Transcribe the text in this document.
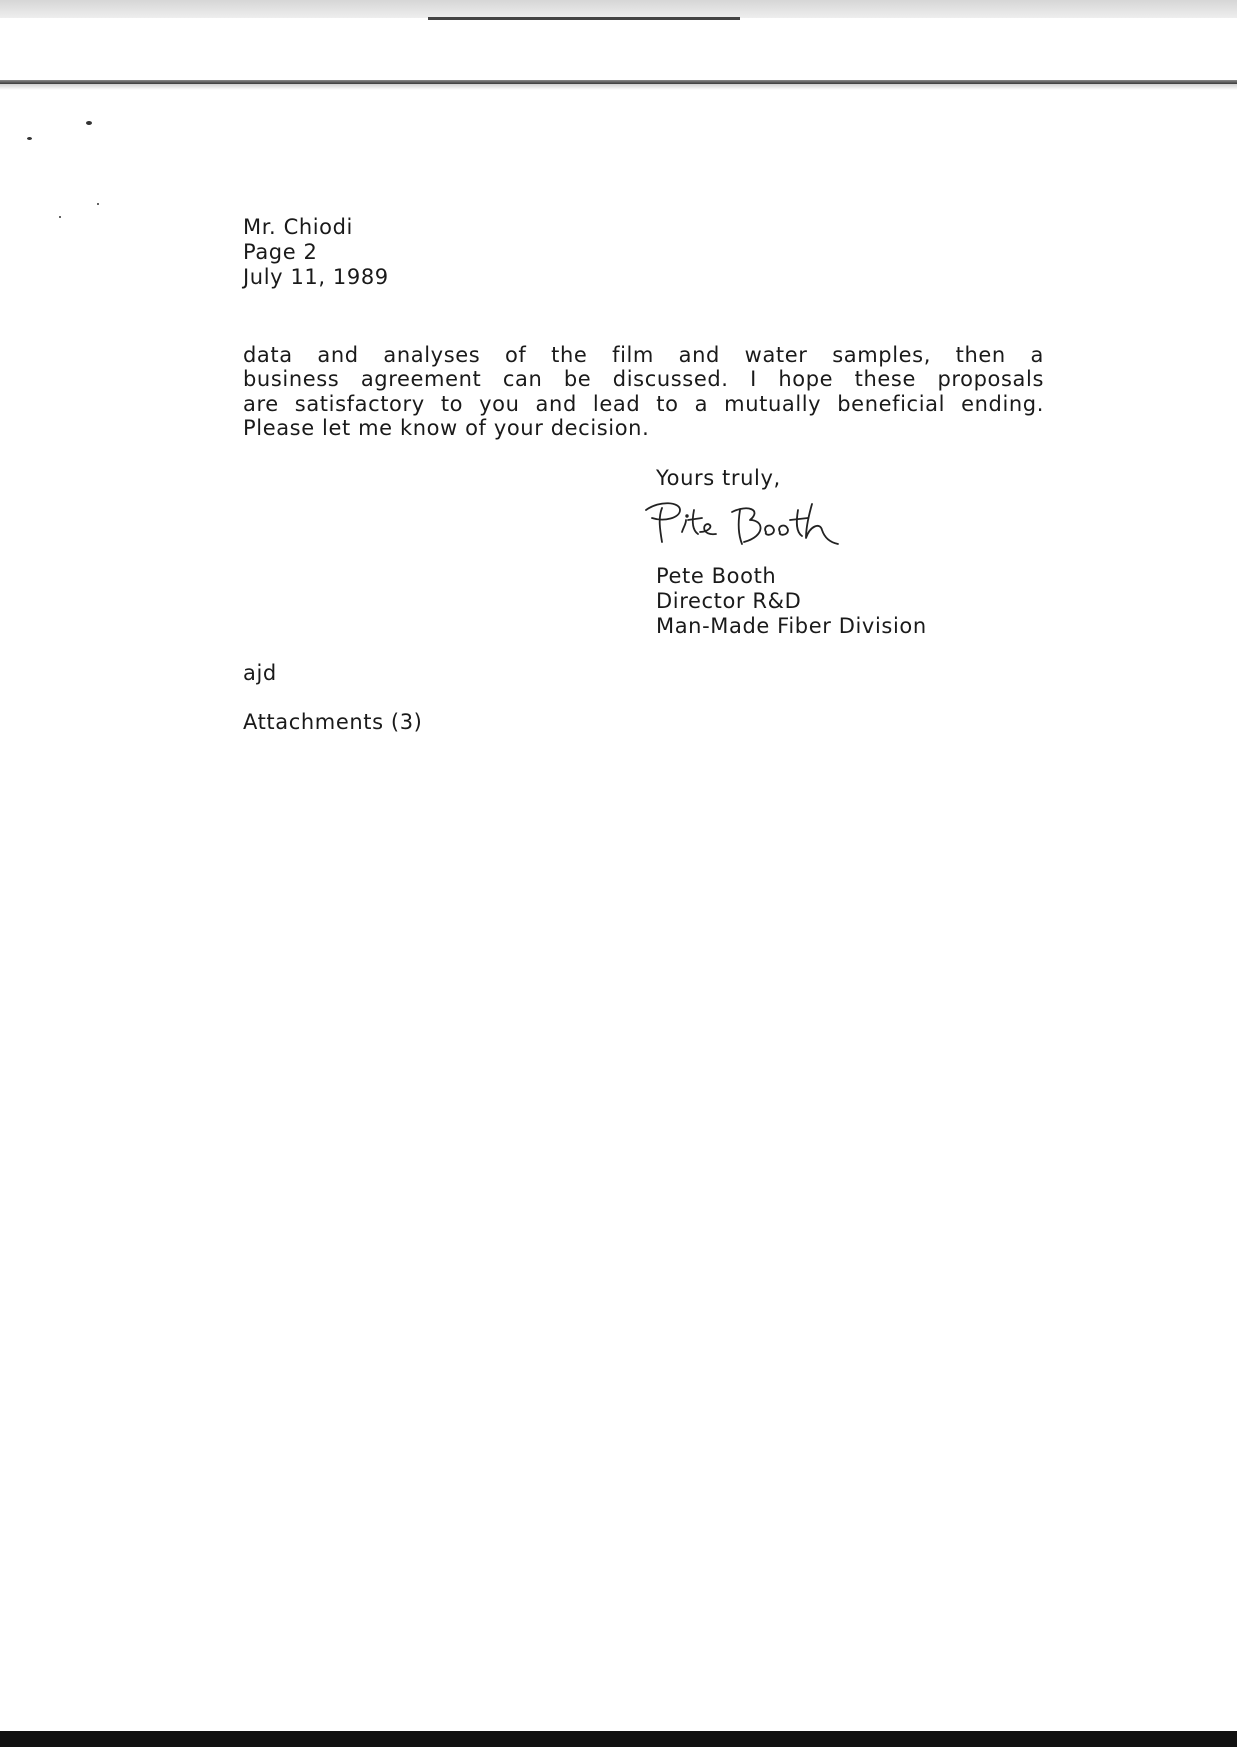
Mr. Chiodi
Page 2
July 11, 1989
data and analyses of the film and water samples, then a
business agreement can be discussed. I hope these proposals
are satisfactory to you and lead to a mutually beneficial ending.
Please let me know of your decision.
Yours truly,
Pete Booth
Director R&D
Man-Made Fiber Division
ajd
Attachments (3)
